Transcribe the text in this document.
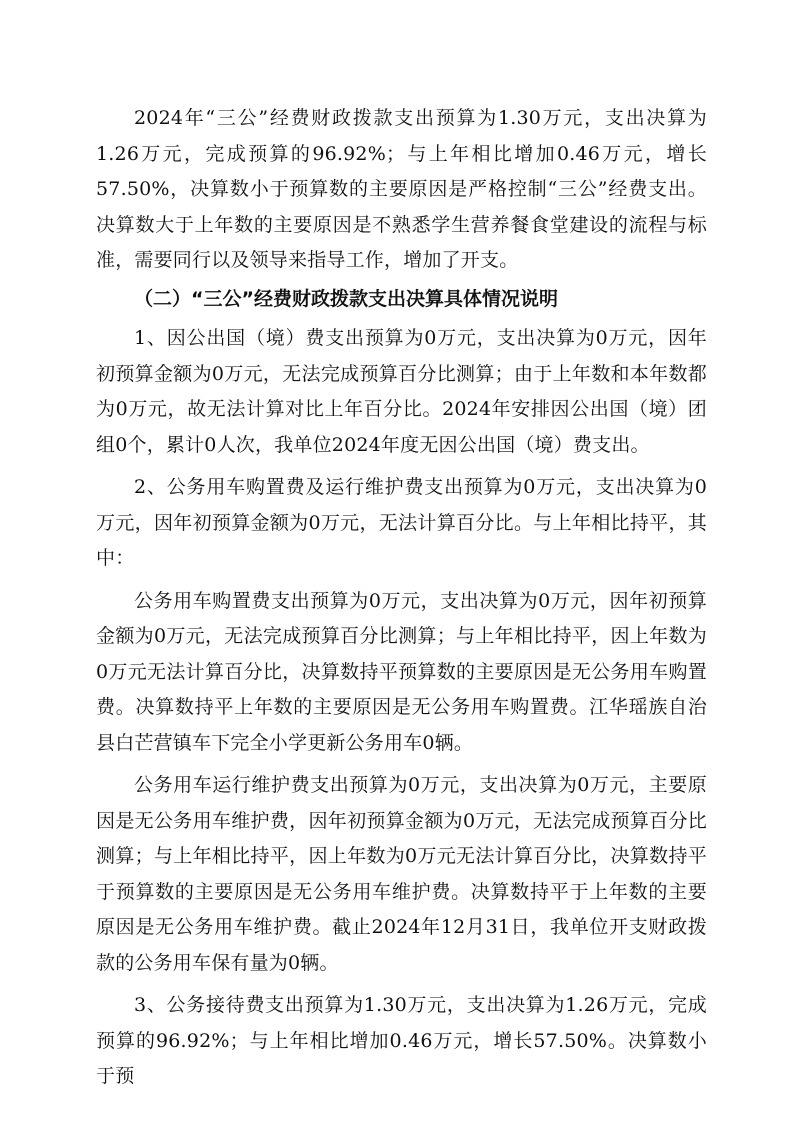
2024年“三公”经费财政拨款支出预算为1.30万元，支出决算为1.26万元，完成预算的96.92%；与上年相比增加0.46万元，增长57.50%，决算数小于预算数的主要原因是严格控制“三公”经费支出。决算数大于上年数的主要原因是不熟悉学生营养餐食堂建设的流程与标准，需要同行以及领导来指导工作，增加了开支。

（二）“三公”经费财政拨款支出决算具体情况说明

1、因公出国（境）费支出预算为0万元，支出决算为0万元，因年初预算金额为0万元，无法完成预算百分比测算；由于上年数和本年数都为0万元，故无法计算对比上年百分比。2024年安排因公出国（境）团组0个，累计0人次，我单位2024年度无因公出国（境）费支出。

2、公务用车购置费及运行维护费支出预算为0万元，支出决算为0万元，因年初预算金额为0万元，无法计算百分比。与上年相比持平，其中：

公务用车购置费支出预算为0万元，支出决算为0万元，因年初预算金额为0万元，无法完成预算百分比测算；与上年相比持平，因上年数为0万元无法计算百分比，决算数持平预算数的主要原因是无公务用车购置费。决算数持平上年数的主要原因是无公务用车购置费。江华瑶族自治县白芒营镇车下完全小学更新公务用车0辆。

公务用车运行维护费支出预算为0万元，支出决算为0万元，主要原因是无公务用车维护费，因年初预算金额为0万元，无法完成预算百分比测算；与上年相比持平，因上年数为0万元无法计算百分比，决算数持平于预算数的主要原因是无公务用车维护费。决算数持平于上年数的主要原因是无公务用车维护费。截止2024年12月31日，我单位开支财政拨款的公务用车保有量为0辆。

3、公务接待费支出预算为1.30万元，支出决算为1.26万元，完成预算的96.92%；与上年相比增加0.46万元，增长57.50%。决算数小于预
